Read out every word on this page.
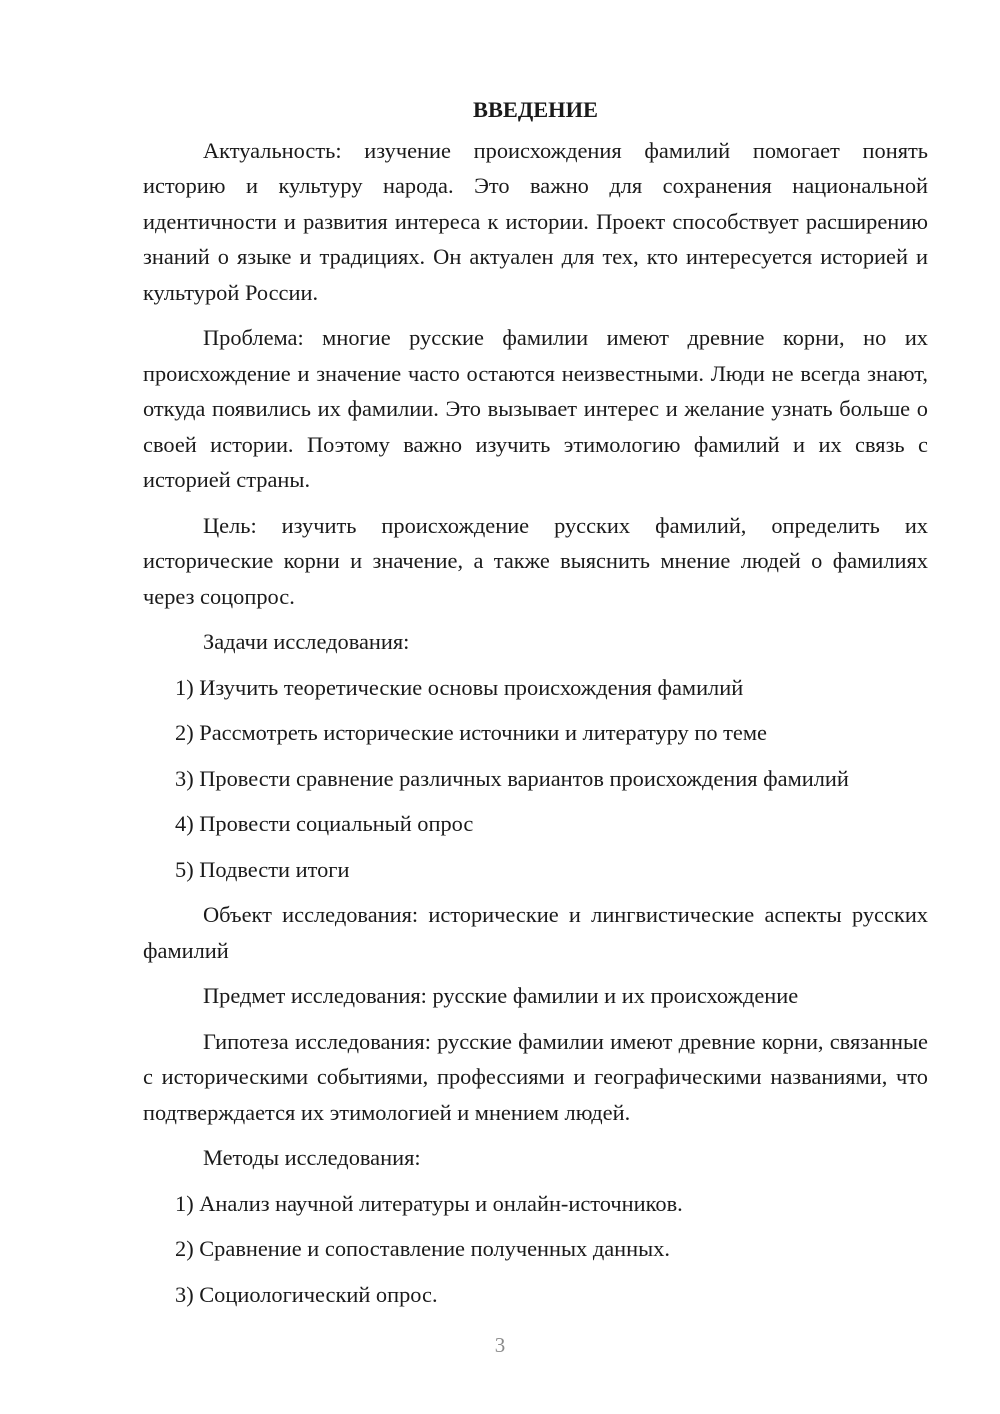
ВВЕДЕНИЕ
Актуальность: изучение происхождения фамилий помогает понять историю и культуру народа. Это важно для сохранения национальной идентичности и развития интереса к истории. Проект способствует расширению знаний о языке и традициях. Он актуален для тех, кто интересуется историей и культурой России.
Проблема: многие русские фамилии имеют древние корни, но их происхождение и значение часто остаются неизвестными. Люди не всегда знают, откуда появились их фамилии. Это вызывает интерес и желание узнать больше о своей истории. Поэтому важно изучить этимологию фамилий и их связь с историей страны.
Цель: изучить происхождение русских фамилий, определить их исторические корни и значение, а также выяснить мнение людей о фамилиях через соцопрос.
Задачи исследования:
1) Изучить теоретические основы происхождения фамилий
2) Рассмотреть исторические источники и литературу по теме
3) Провести сравнение различных вариантов происхождения фамилий
4) Провести социальный опрос
5) Подвести итоги
Объект исследования: исторические и лингвистические аспекты русских фамилий
Предмет исследования: русские фамилии и их происхождение
Гипотеза исследования: русские фамилии имеют древние корни, связанные с историческими событиями, профессиями и географическими названиями, что подтверждается их этимологией и мнением людей.
Методы исследования:
1) Анализ научной литературы и онлайн-источников.
2) Сравнение и сопоставление полученных данных.
3) Социологический опрос.
3
